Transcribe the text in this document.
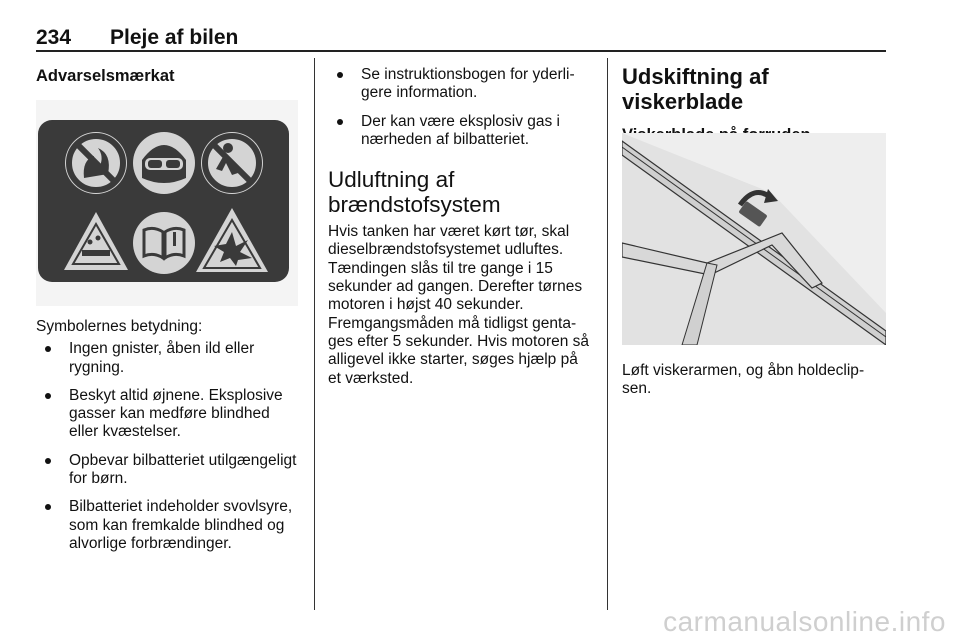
234 Pleje af bilen
Advarselsmærkat

Symbolernes betydning:

Ingen gnister, åben ild eller rygning.
Beskyt altid øjnene. Eksplosive gasser kan medføre blindhed eller kvæstelser.
Opbevar bilbatteriet utilgængeligt for børn.
Bilbatteriet indeholder svovlsyre, som kan fremkalde blindhed og alvorlige forbrændinger.
Se instruktionsbogen for yderligere information.
Der kan være eksplosiv gas i nærheden af bilbatteriet.
Udluftning af
brændstofsystem

Hvis tanken har været kørt tør, skal dieselbrændstofsystemet udluftes. Tændingen slås til tre gange i 15 sekunder ad gangen. Derefter tørnes motoren i højst 40 sekunder. Fremgangsmåden må tidligst gentages efter 5 sekunder. Hvis motoren så alligevel ikke starter, søges hjælp på et værksted.

Udskiftning af viskerblade

Løft viskerarmen, og åbn holdeclipsen.

carmanualsonline.info
